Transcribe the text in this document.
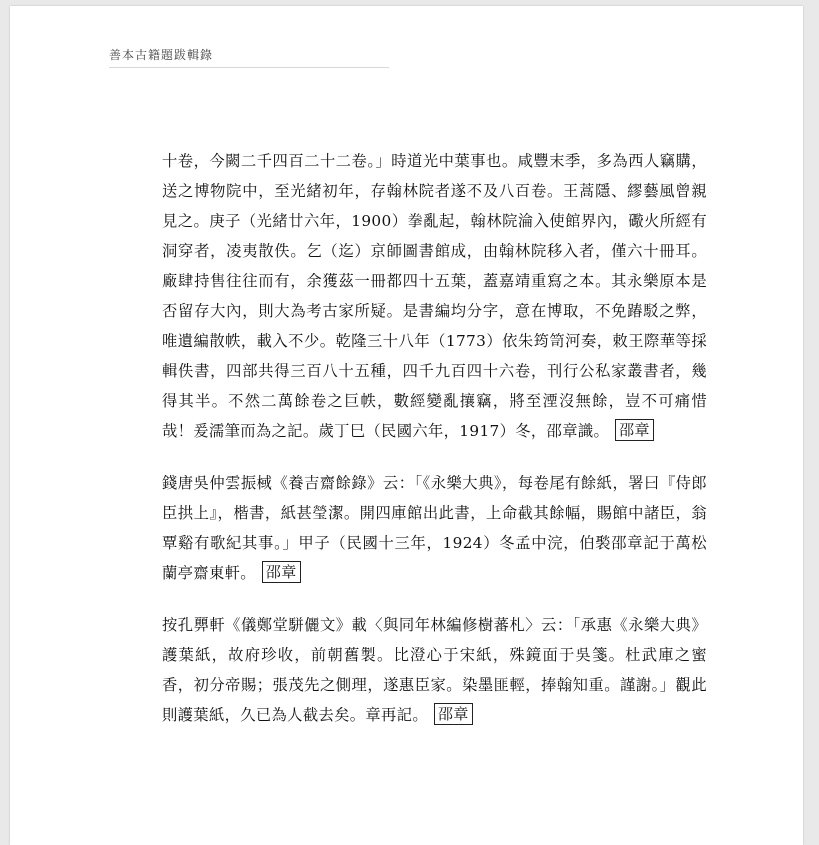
善本古籍題跋輯錄

十卷，今闕二千四百二十二卷。」時道光中葉事也。咸豐末季，多為西人竊購，送之博物院中，至光緒初年，存翰林院者遂不及八百卷。王蒿隱、繆藝風曾親見之。庚子（光緒廿六年，1900）拳亂起，翰林院淪入使館界內，礮火所經有洞穿者，凌夷散佚。乞（迄）京師圖書館成，由翰林院移入者，僅六十冊耳。廠肆持售往往而有，余獲茲一冊都四十五葉，蓋嘉靖重寫之本。其永樂原本是否留存大內，則大為考古家所疑。是書編均分字，意在博取，不免踳駁之弊，唯遺編散帙，載入不少。乾隆三十八年（1773）依朱筠笥河奏，敕王際華等採輯佚書，四部共得三百八十五種，四千九百四十六卷，刊行公私家叢書者，幾得其半。不然二萬餘卷之巨帙，數經變亂攘竊，將至湮沒無餘，豈不可痛惜哉！爰濡筆而為之記。歲丁巳（民國六年，1917）冬，邵章識。 邵章

錢唐吳仲雲振棫《養吉齋餘錄》云：「《永樂大典》，每卷尾有餘紙，署曰『侍郎臣拱上』，楷書，紙甚瑩潔。開四庫館出此書，上命截其餘幅，賜館中諸臣，翁覃谿有歌紀其事。」甲子（民國十三年，1924）冬孟中浣，伯褧邵章記于萬松蘭亭齋東軒。 邵章

按孔顨軒《儀鄭堂駢儷文》載〈與同年林編修樹蕃札〉云：「承惠《永樂大典》護葉紙，故府珍收，前朝舊製。比澄心于宋紙，殊鏡面于吳箋。杜武庫之蜜香，初分帝賜；張茂先之側理，遂惠臣家。染墨匪輕，捧翰知重。謹謝。」觀此則護葉紙，久已為人截去矣。章再記。 邵章
